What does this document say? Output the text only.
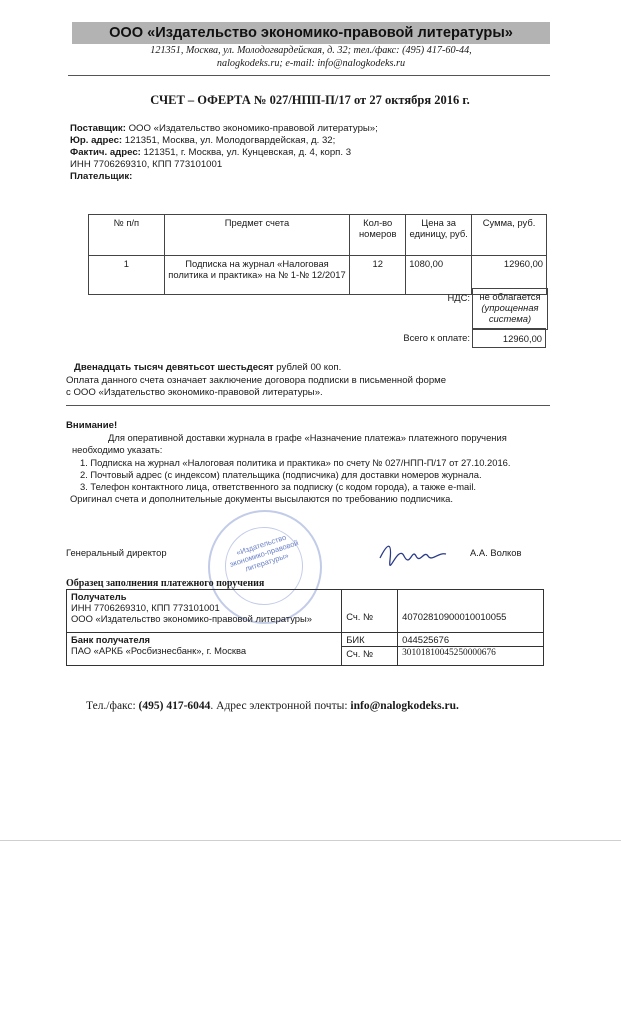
ООО «Издательство экономико-правовой литературы»
121351, Москва, ул. Молодогвардейская, д. 32; тел./факс: (495) 417-60-44,
nalogkodeks.ru; e-mail: info@nalogkodeks.ru
СЧЕТ – ОФЕРТА № 027/НПП-П/17 от 27 октября 2016 г.
Поставщик: ООО «Издательство экономико-правовой литературы»;
Юр. адрес: 121351, Москва, ул. Молодогвардейская, д. 32;
Фактич. адрес: 121351, г. Москва, ул. Кунцевская, д. 4, корп. 3
ИНН 7706269310, КПП 773101001
Плательщик:
№ п/п	Предмет счета	Кол-во номеров	Цена за единицу, руб.	Сумма, руб.
1	Подписка на журнал «Налоговая политика и практика» на № 1-№ 12/2017	12	1080,00	12960,00
НДС:	не облагается
(упрощенная система)
Всего к оплате:	12960,00
Двенадцать тысяч девятьсот шестьдесят рублей 00 коп.
Оплата данного счета означает заключение договора подписки в письменной форме
с ООО «Издательство экономико-правовой литературы».
Внимание!
Для оперативной доставки журнала в графе «Назначение платежа» платежного поручения
необходимо указать:
1. Подписка на журнал «Налоговая политика и практика» по счету № 027/НПП-П/17 от 27.10.2016.
2. Почтовый адрес (с индексом) плательщика (подписчика) для доставки номеров журнала.
3. Телефон контактного лица, ответственного за подписку (с кодом города), а также e-mail.
Оригинал счета и дополнительные документы высылаются по требованию подписчика.
«Издательство экономико-правовой литературы»
Генеральный директор	А.А. Волков
Образец заполнения платежного поручения
Получатель
ИНН 7706269310, КПП 773101001
ООО «Издательство экономико-правовой литературы»	Сч. №	40702810900010010055

Банк получателя
ПАО «АРКБ «Росбизнесбанк», г. Москва	БИК	044525676
	Сч. №	30101810045250000676
Тел./факс: (495) 417-6044. Адрес электронной почты: info@nalogkodeks.ru.
